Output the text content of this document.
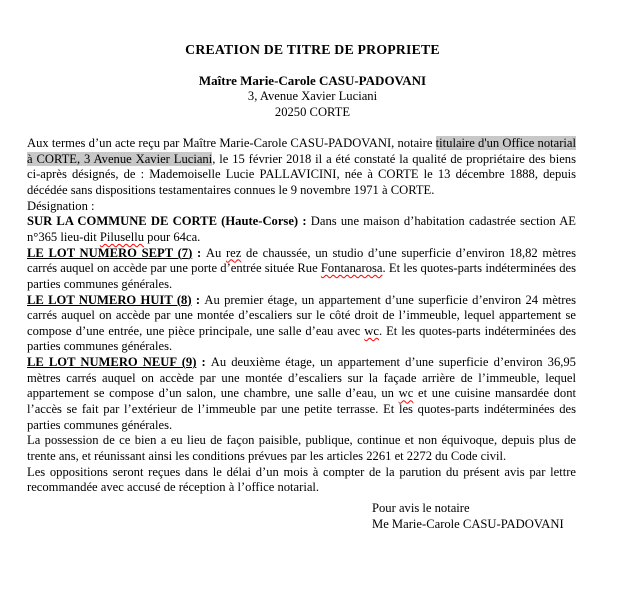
CREATION DE TITRE DE PROPRIETE
Maître Marie-Carole CASU-PADOVANI
3, Avenue Xavier Luciani
20250 CORTE

Aux termes d’un acte reçu par Maître Marie-Carole CASU-PADOVANI, notaire titulaire d'un Office notarial à CORTE, 3 Avenue Xavier Luciani, le 15 février 2018 il a été constaté la qualité de propriétaire des biens ci-après désignés, de : Mademoiselle Lucie PALLAVICINI, née à CORTE le 13 décembre 1888, depuis décédée sans dispositions testamentaires connues le 9 novembre 1971 à CORTE.

Désignation :

SUR LA COMMUNE DE CORTE (Haute-Corse) : Dans une maison d’habitation cadastrée section AE n°365 lieu-dit Pilusellu pour 64ca.

LE LOT NUMERO SEPT (7) : Au rez de chaussée, un studio d’une superficie d’environ 18,82 mètres carrés auquel on accède par une porte d’entrée située Rue Fontanarosa. Et les quotes-parts indéterminées des parties communes générales.

LE LOT NUMERO HUIT (8) : Au premier étage, un appartement d’une superficie d’environ 24 mètres carrés auquel on accède par une montée d’escaliers sur le côté droit de l’immeuble, lequel appartement se compose d’une entrée, une pièce principale, une salle d’eau avec wc. Et les quotes-parts indéterminées des parties communes générales.

LE LOT NUMERO NEUF (9) : Au deuxième étage, un appartement d’une superficie d’environ 36,95 mètres carrés auquel on accède par une montée d’escaliers sur la façade arrière de l’immeuble, lequel appartement se compose d’un salon, une chambre, une salle d’eau, un wc et une cuisine mansardée dont l’accès se fait par l’extérieur de l’immeuble par une petite terrasse. Et les quotes-parts indéterminées des parties communes générales.

La possession de ce bien a eu lieu de façon paisible, publique, continue et non équivoque, depuis plus de trente ans, et réunissant ainsi les conditions prévues par les articles 2261 et 2272 du Code civil.

Les oppositions seront reçues dans le délai d’un mois à compter de la parution du présent avis par lettre recommandée avec accusé de réception à l’office notarial.

Pour avis le notaire
Me Marie-Carole CASU-PADOVANI
